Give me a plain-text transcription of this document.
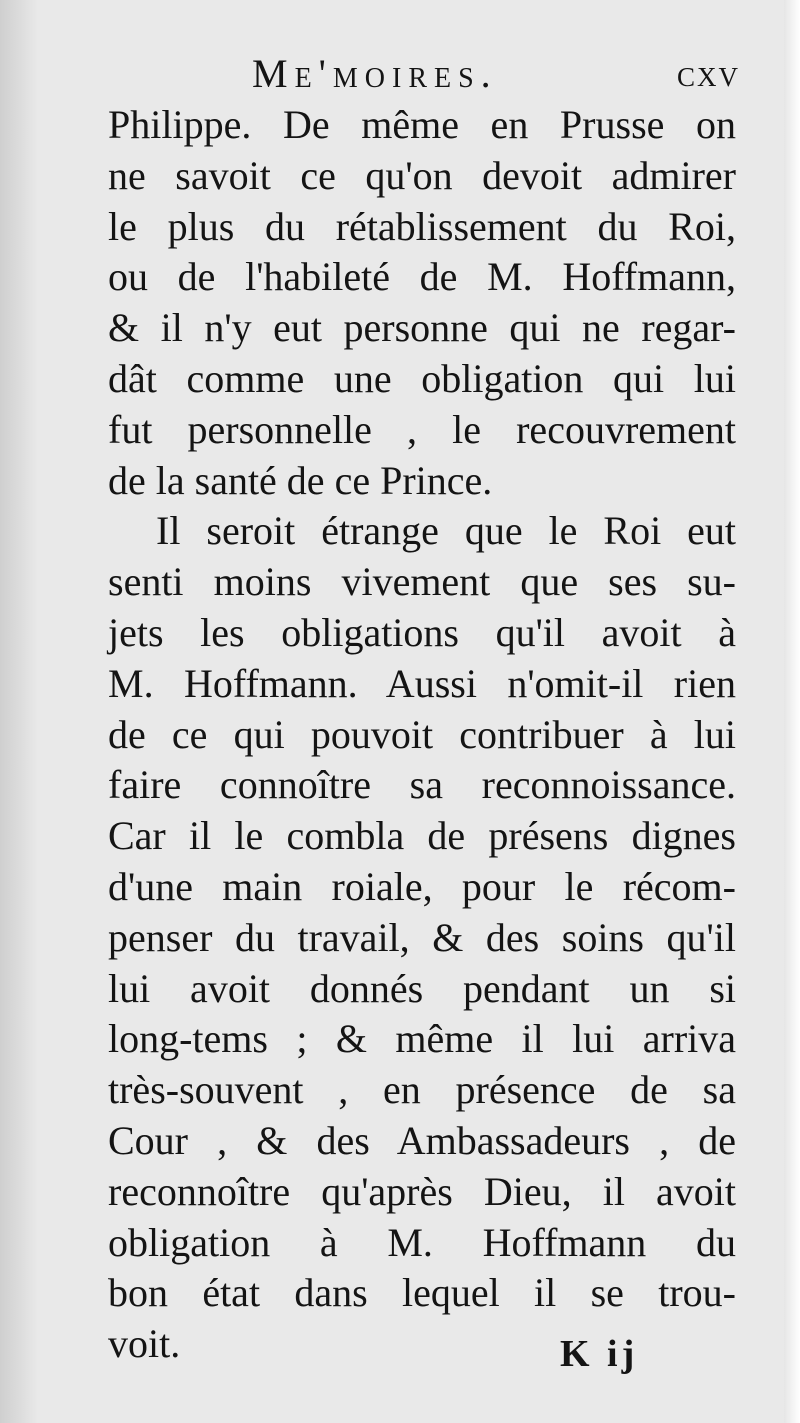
Me'moires.	cxv
Philippe. De même en Prusse on
ne savoit ce qu'on devoit admirer
le plus du rétablissement du Roi,
ou de l'habileté de M. Hoffmann,
& il n'y eut personne qui ne regar-
dât comme une obligation qui lui
fut personnelle , le recouvrement
de la santé de ce Prince.
Il seroit étrange que le Roi eut
senti moins vivement que ses su-
jets les obligations qu'il avoit à
M. Hoffmann. Aussi n'omit-il rien
de ce qui pouvoit contribuer à lui
faire connoître sa reconnoissance.
Car il le combla de présens dignes
d'une main roiale, pour le récom-
penser du travail, & des soins qu'il
lui avoit donnés pendant un si
long-tems ; & même il lui arriva
très-souvent , en présence de sa
Cour , & des Ambassadeurs , de
reconnoître qu'après Dieu, il avoit
obligation à M. Hoffmann du
bon état dans lequel il se trou-
voit.	K ij
